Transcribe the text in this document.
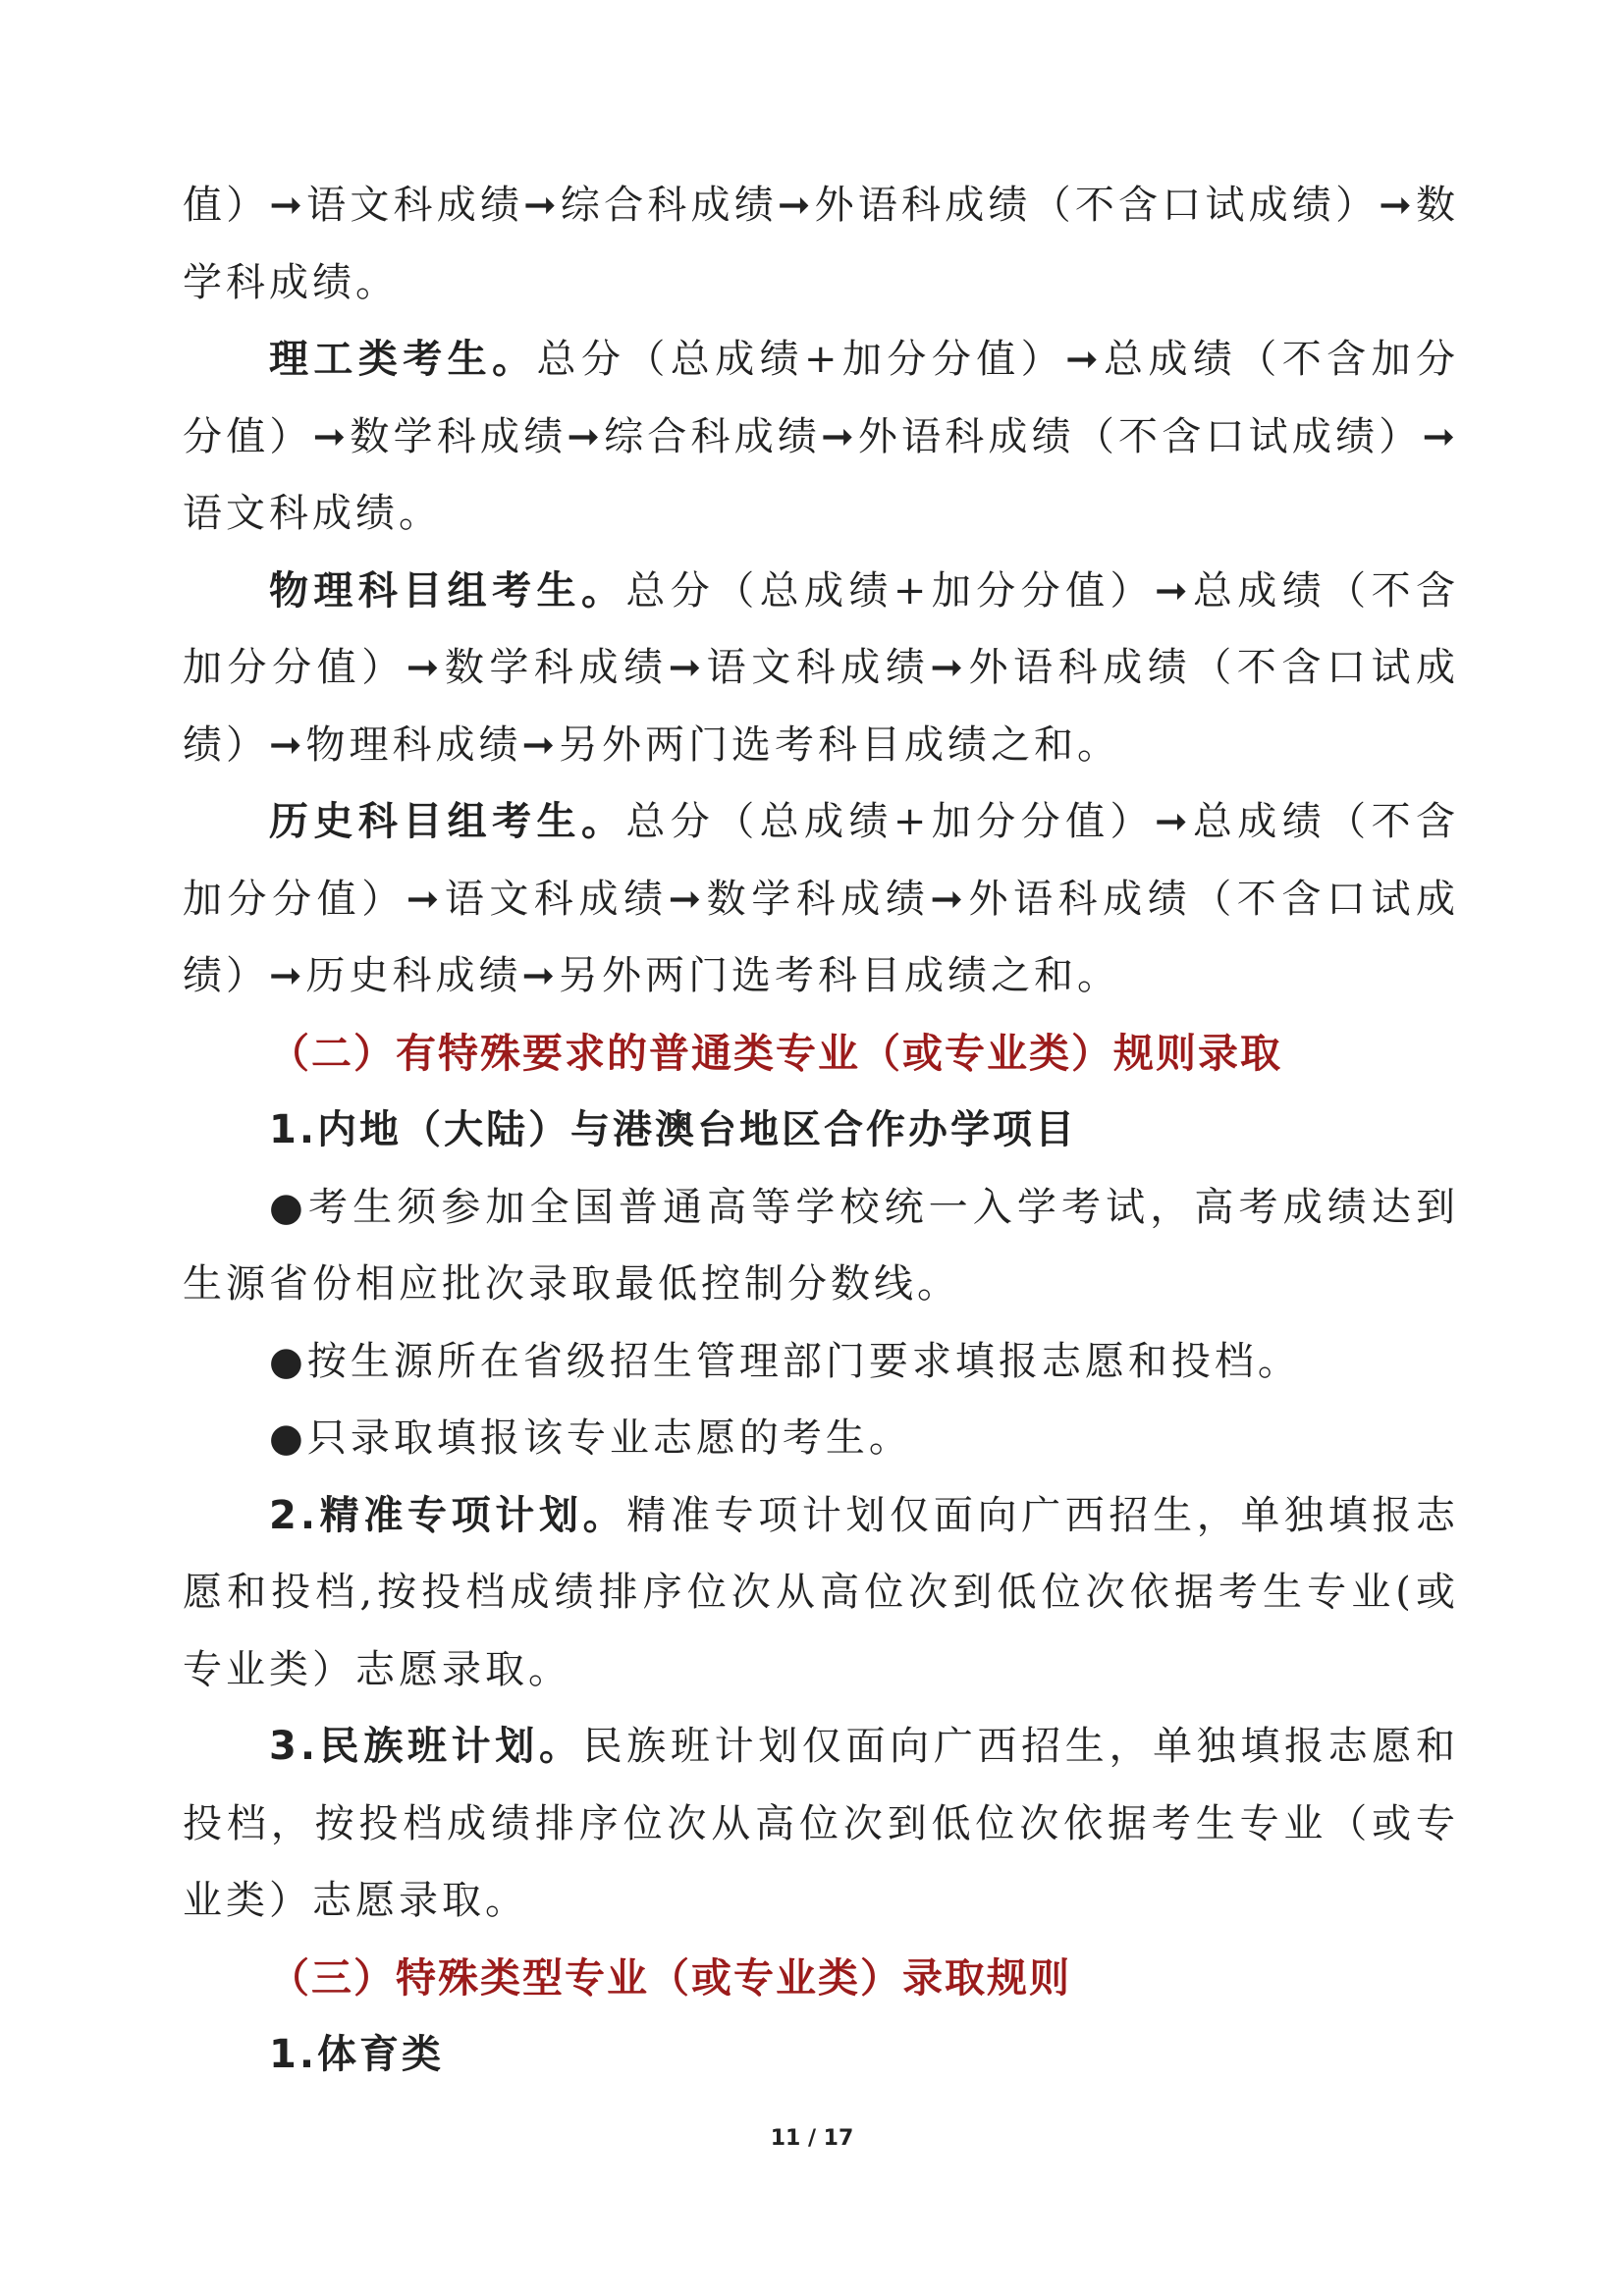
值）➞语文科成绩➞综合科成绩➞外语科成绩（不含口试成绩）➞数学科成绩。

理工类考生。总分（总成绩+加分分值）➞总成绩（不含加分分值）➞数学科成绩➞综合科成绩➞外语科成绩（不含口试成绩）➞语文科成绩。

物理科目组考生。总分（总成绩+加分分值）➞总成绩（不含加分分值）➞数学科成绩➞语文科成绩➞外语科成绩（不含口试成绩）➞物理科成绩➞另外两门选考科目成绩之和。

历史科目组考生。总分（总成绩+加分分值）➞总成绩（不含加分分值）➞语文科成绩➞数学科成绩➞外语科成绩（不含口试成绩）➞历史科成绩➞另外两门选考科目成绩之和。

（二）有特殊要求的普通类专业（或专业类）规则录取

1.内地（大陆）与港澳台地区合作办学项目

●考生须参加全国普通高等学校统一入学考试，高考成绩达到生源省份相应批次录取最低控制分数线。

●按生源所在省级招生管理部门要求填报志愿和投档。

●只录取填报该专业志愿的考生。

2.精准专项计划。精准专项计划仅面向广西招生，单独填报志愿和投档,按投档成绩排序位次从高位次到低位次依据考生专业(或专业类）志愿录取。

3.民族班计划。民族班计划仅面向广西招生，单独填报志愿和投档，按投档成绩排序位次从高位次到低位次依据考生专业（或专业类）志愿录取。

（三）特殊类型专业（或专业类）录取规则

1.体育类

11 / 17
